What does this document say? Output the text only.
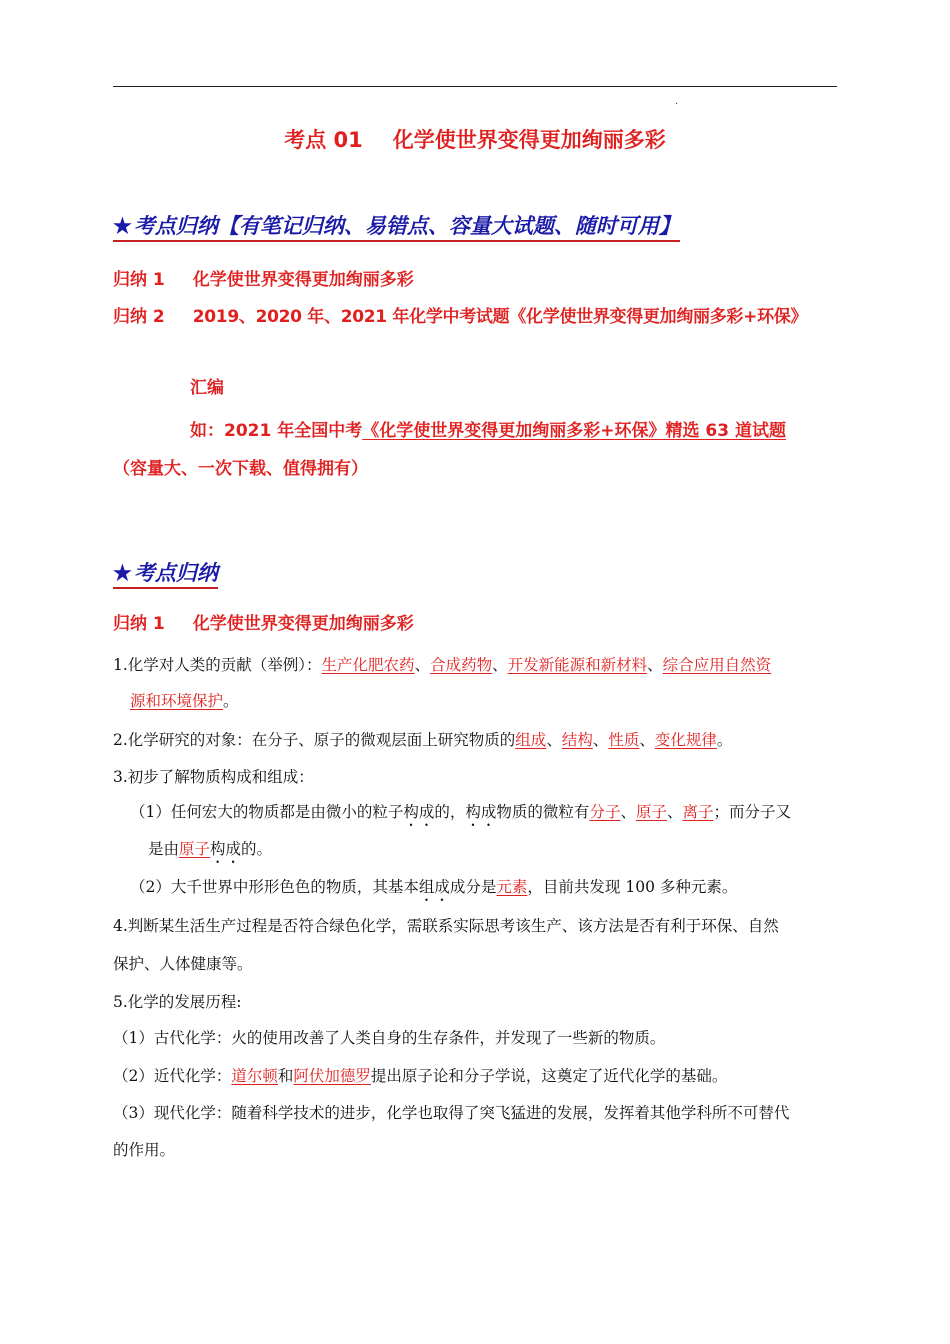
.
考点 01 化学使世界变得更加绚丽多彩
★考点归纳【有笔记归纳、易错点、容量大试题、随时可用】
归纳 1 化学使世界变得更加绚丽多彩
归纳 2 2019、2020 年、2021 年化学中考试题《化学使世界变得更加绚丽多彩+环保》
汇编
如：2021 年全国中考《化学使世界变得更加绚丽多彩+环保》精选 63 道试题
（容量大、一次下载、值得拥有）
★考点归纳
归纳 1 化学使世界变得更加绚丽多彩
1.化学对人类的贡献（举例）：生产化肥农药、合成药物、开发新能源和新材料、综合应用自然资
源和环境保护。
2.化学研究的对象：在分子、原子的微观层面上研究物质的组成、结构、性质、变化规律。
3.初步了解物质构成和组成：
（1）任何宏大的物质都是由微小的粒子构成的，构成物质的微粒有分子、原子、离子；而分子又
是由原子构成的。
（2）大千世界中形形色色的物质，其基本组成成分是元素，目前共发现 100 多种元素。
4.判断某生活生产过程是否符合绿色化学，需联系实际思考该生产、该方法是否有利于环保、自然
保护、人体健康等。
5.化学的发展历程:
（1）古代化学：火的使用改善了人类自身的生存条件，并发现了一些新的物质。
（2）近代化学：道尔顿和阿伏加德罗提出原子论和分子学说，这奠定了近代化学的基础。
（3）现代化学：随着科学技术的进步，化学也取得了突飞猛进的发展，发挥着其他学科所不可替代
的作用。
